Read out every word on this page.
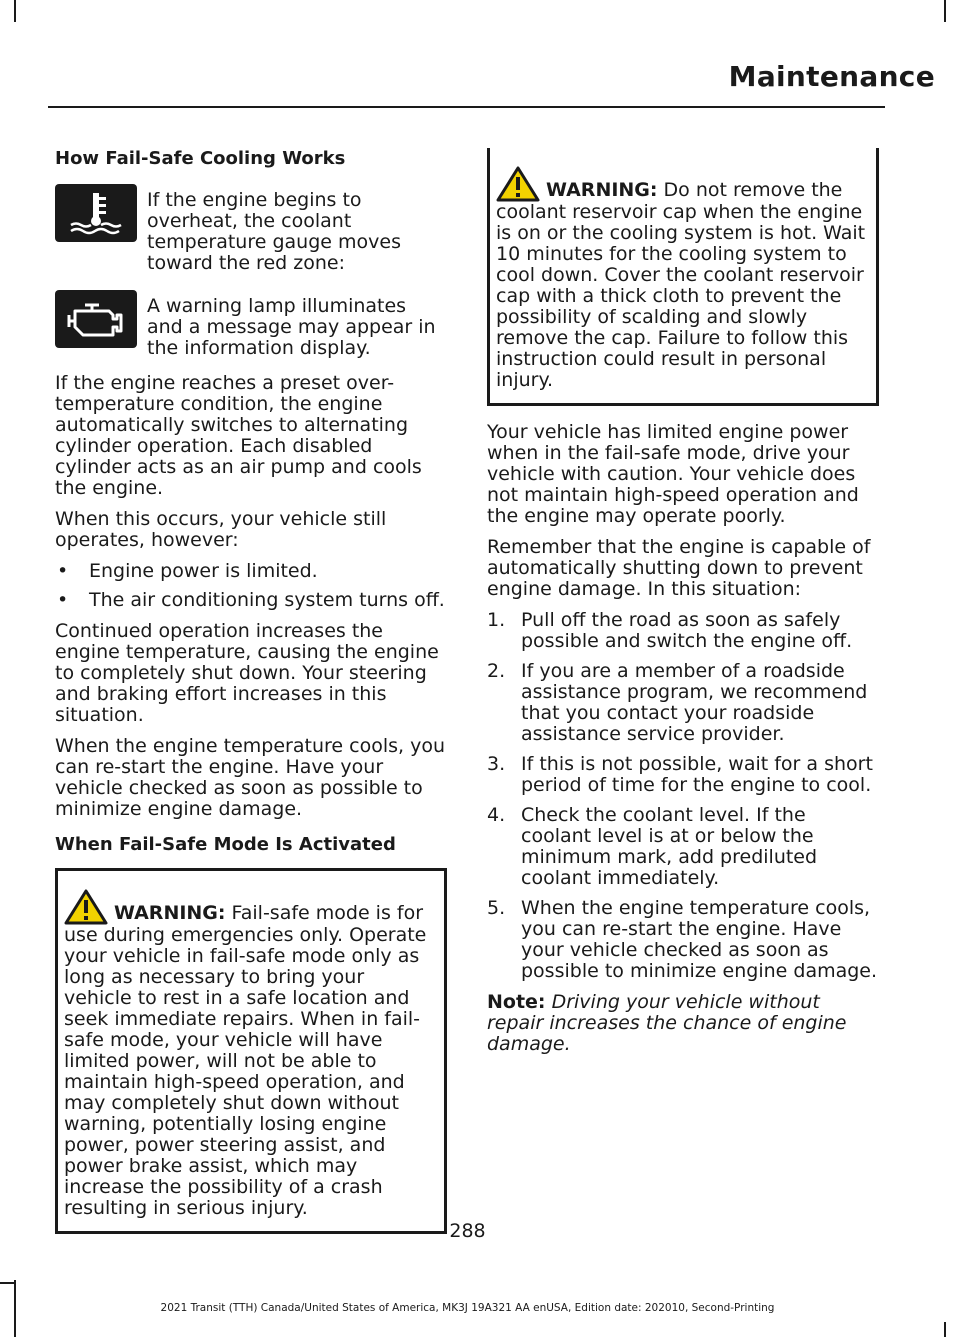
Maintenance
How Fail-Safe Cooling Works
If the engine begins to overheat, the coolant temperature gauge moves toward the red zone:
A warning lamp illuminates and a message may appear in the information display.

If the engine reaches a preset over-temperature condition, the engine automatically switches to alternating cylinder operation. Each disabled cylinder acts as an air pump and cools the engine.

When this occurs, your vehicle still operates, however:

• Engine power is limited.
• The air conditioning system turns off.

Continued operation increases the engine temperature, causing the engine to completely shut down. Your steering and braking effort increases in this situation.

When the engine temperature cools, you can re-start the engine. Have your vehicle checked as soon as possible to minimize engine damage.

When Fail-Safe Mode Is Activated
WARNING: Fail-safe mode is for use during emergencies only. Operate your vehicle in fail-safe mode only as long as necessary to bring your vehicle to rest in a safe location and seek immediate repairs. When in fail-safe mode, your vehicle will have limited power, will not be able to maintain high-speed operation, and may completely shut down without warning, potentially losing engine power, power steering assist, and power brake assist, which may increase the possibility of a crash resulting in serious injury.
WARNING: Do not remove the coolant reservoir cap when the engine is on or the cooling system is hot. Wait 10 minutes for the cooling system to cool down. Cover the coolant reservoir cap with a thick cloth to prevent the possibility of scalding and slowly remove the cap. Failure to follow this instruction could result in personal injury.

Your vehicle has limited engine power when in the fail-safe mode, drive your vehicle with caution. Your vehicle does not maintain high-speed operation and the engine may operate poorly.

Remember that the engine is capable of automatically shutting down to prevent engine damage. In this situation:

1. Pull off the road as soon as safely possible and switch the engine off.
2. If you are a member of a roadside assistance program, we recommend that you contact your roadside assistance service provider.
3. If this is not possible, wait for a short period of time for the engine to cool.
4. Check the coolant level. If the coolant level is at or below the minimum mark, add prediluted coolant immediately.
5. When the engine temperature cools, you can re-start the engine. Have your vehicle checked as soon as possible to minimize engine damage.

Note: Driving your vehicle without repair increases the chance of engine damage.

288
2021 Transit (TTH) Canada/United States of America, MK3J 19A321 AA enUSA, Edition date: 202010, Second-Printing
